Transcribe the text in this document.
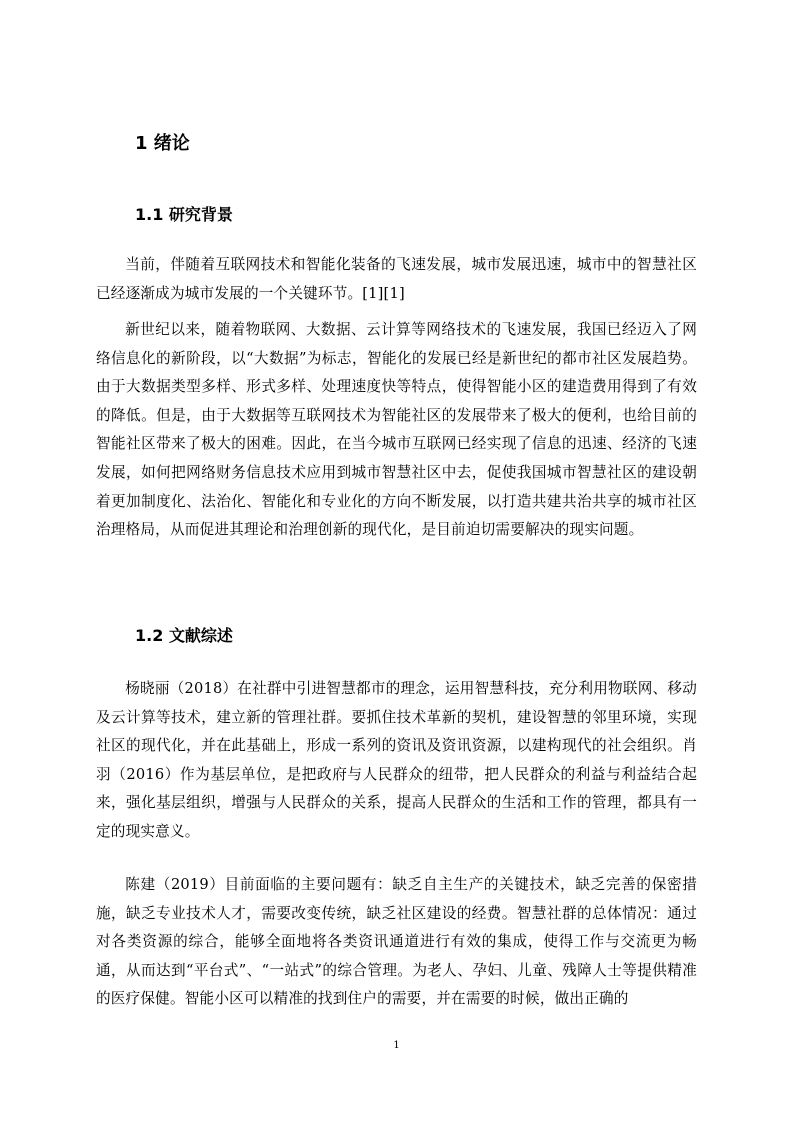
1 绪论
1.1 研究背景

当前，伴随着互联网技术和智能化装备的飞速发展，城市发展迅速，城市中的智慧社区已经逐渐成为城市发展的一个关键环节。[1][1]

新世纪以来，随着物联网、大数据、云计算等网络技术的飞速发展，我国已经迈入了网络信息化的新阶段，以“大数据”为标志，智能化的发展已经是新世纪的都市社区发展趋势。由于大数据类型多样、形式多样、处理速度快等特点，使得智能小区的建造费用得到了有效的降低。但是，由于大数据等互联网技术为智能社区的发展带来了极大的便利，也给目前的智能社区带来了极大的困难。因此，在当今城市互联网已经实现了信息的迅速、经济的飞速发展，如何把网络财务信息技术应用到城市智慧社区中去，促使我国城市智慧社区的建设朝着更加制度化、法治化、智能化和专业化的方向不断发展，以打造共建共治共享的城市社区治理格局，从而促进其理论和治理创新的现代化，是目前迫切需要解决的现实问题。

1.2 文献综述

杨晓丽（2018）在社群中引进智慧都市的理念，运用智慧科技，充分利用物联网、移动及云计算等技术，建立新的管理社群。要抓住技术革新的契机，建设智慧的邻里环境，实现社区的现代化，并在此基础上，形成一系列的资讯及资讯资源，以建构现代的社会组织。肖羽（2016）作为基层单位，是把政府与人民群众的纽带，把人民群众的利益与利益结合起来，强化基层组织，增强与人民群众的关系，提高人民群众的生活和工作的管理，都具有一定的现实意义。

陈建（2019）目前面临的主要问题有：缺乏自主生产的关键技术，缺乏完善的保密措施，缺乏专业技术人才，需要改变传统，缺乏社区建设的经费。智慧社群的总体情况：通过对各类资源的综合，能够全面地将各类资讯通道进行有效的集成，使得工作与交流更为畅通，从而达到“平台式”、“一站式”的综合管理。为老人、孕妇、儿童、残障人士等提供精准的医疗保健。智能小区可以精准的找到住户的需要，并在需要的时候，做出正确的

1
